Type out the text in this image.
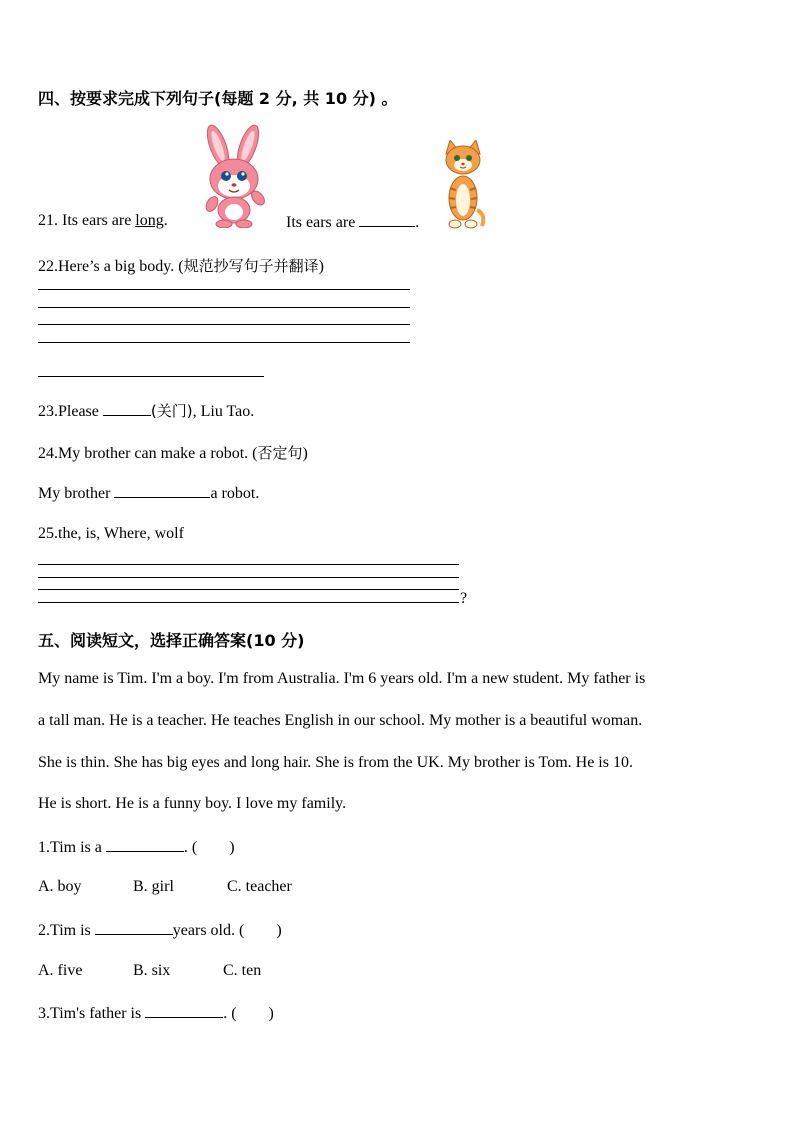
四、按要求完成下列句子(每题 2 分, 共 10 分) 。
21. Its ears are long.	Its ears are	.
22.Here’s a big body. (规范抄写句子并翻译)
23.Please	(关门), Liu Tao.
24.My brother can make a robot. (否定句)
My brother	a robot.
25.the, is, Where, wolf
?
五、阅读短文，选择正确答案(10 分)
My name is Tim. I'm a boy. I'm from Australia. I'm 6 years old. I'm a new student. My father is
a tall man. He is a teacher. He teaches English in our school. My mother is a beautiful woman.
She is thin. She has big eyes and long hair. She is from the UK. My brother is Tom. He is 10.
He is short. He is a funny boy. I love my family.
1.Tim is a	. (        )
A. boy	B. girl	C. teacher
2.Tim is	years old. (        )
A. five	B. six	C. ten
3.Tim's father is	. (        )
